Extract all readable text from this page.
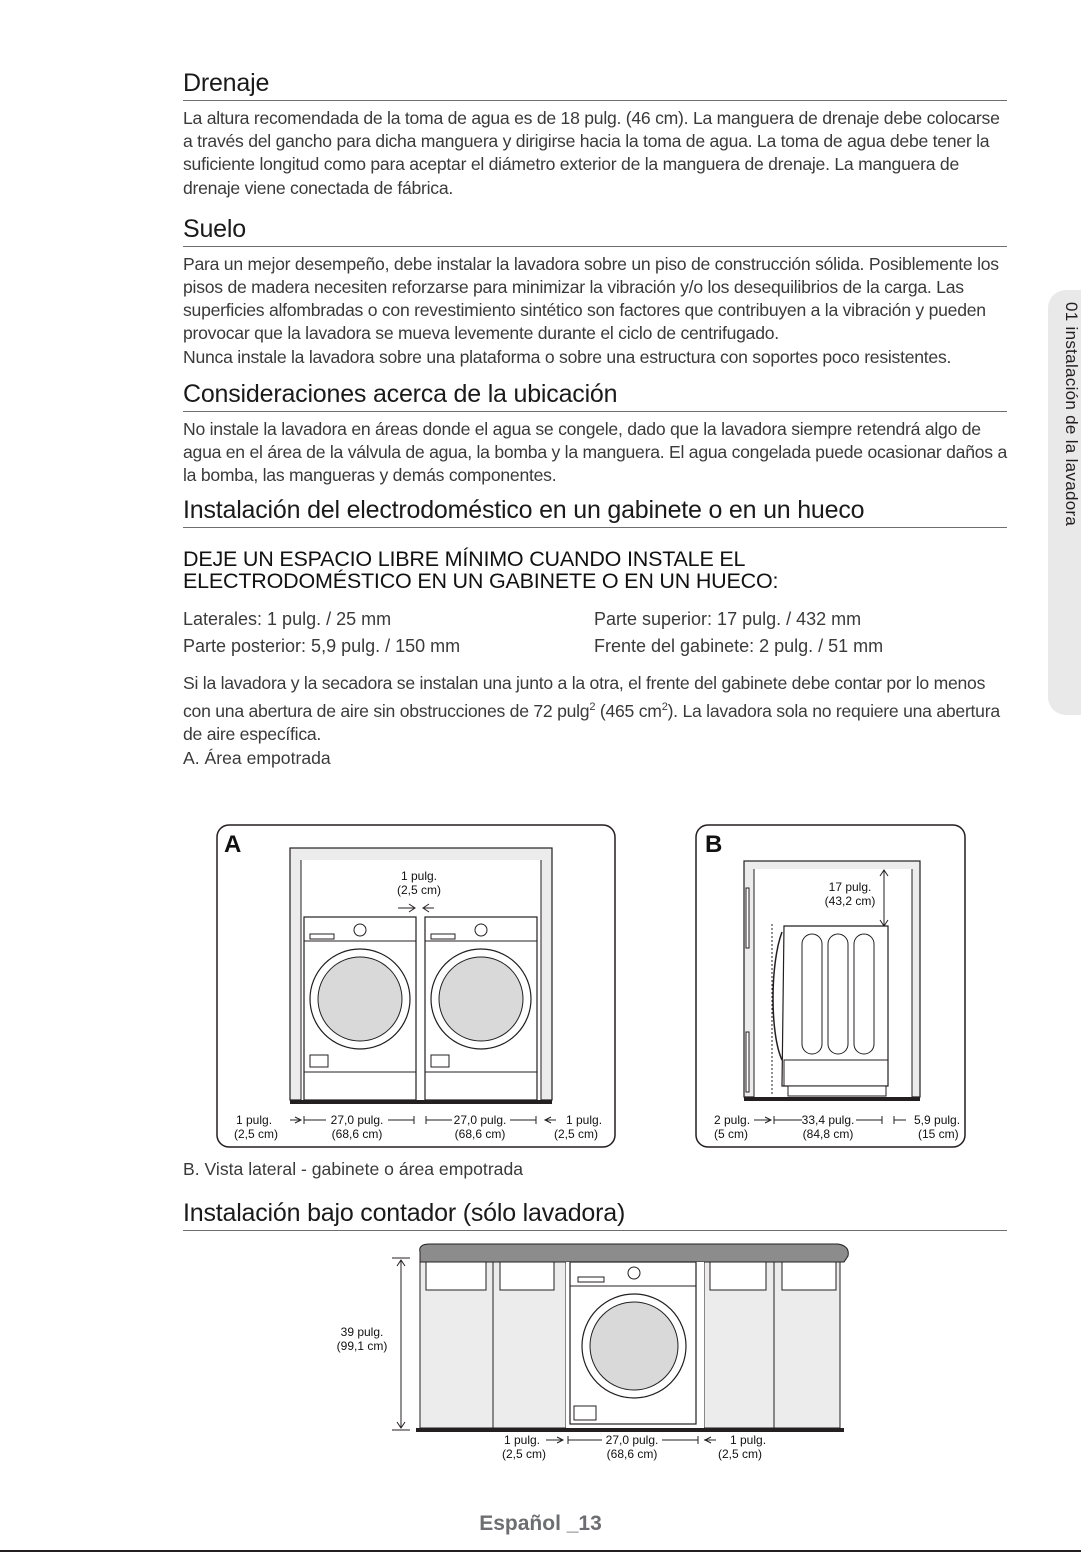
01 instalación de la lavadora
Drenaje

La altura recomendada de la toma de agua es de 18 pulg. (46 cm). La manguera de drenaje debe colocarse a través del gancho para dicha manguera y dirigirse hacia la toma de agua. La toma de agua debe tener la suficiente longitud como para aceptar el diámetro exterior de la manguera de drenaje. La manguera de drenaje viene conectada de fábrica.

Suelo

Para un mejor desempeño, debe instalar la lavadora sobre un piso de construcción sólida. Posiblemente los pisos de madera necesiten reforzarse para minimizar la vibración y/o los desequilibrios de la carga. Las superficies alfombradas o con revestimiento sintético son factores que contribuyen a la vibración y pueden provocar que la lavadora se mueva levemente durante el ciclo de centrifugado.

Nunca instale la lavadora sobre una plataforma o sobre una estructura con soportes poco resistentes.

Consideraciones acerca de la ubicación

No instale la lavadora en áreas donde el agua se congele, dado que la lavadora siempre retendrá algo de agua en el área de la válvula de agua, la bomba y la manguera. El agua congelada puede ocasionar daños a la bomba, las mangueras y demás componentes.

Instalación del electrodoméstico en un gabinete o en un hueco
DEJE UN ESPACIO LIBRE MÍNIMO CUANDO INSTALE EL
ELECTRODOMÉSTICO EN UN GABINETE O EN UN HUECO:
Laterales: 1 pulg. / 25 mm
Parte posterior: 5,9 pulg. / 150 mm
Parte superior: 17 pulg. / 432 mm
Frente del gabinete: 2 pulg. / 51 mm

Si la lavadora y la secadora se instalan una junto a la otra, el frente del gabinete debe contar por lo menos con una abertura de aire sin obstrucciones de 72 pulg$^2$ (465 $cm^2$). La lavadora sola no requiere una abertura de aire específica.

A. Área empotrada
A
1 pulg.
(2,5 cm)
1 pulg.
(2,5 cm)
27,0 pulg.
(68,6 cm)
27,0 pulg.
(68,6 cm)
1 pulg.
(2,5 cm)
B
17 pulg.
(43,2 cm)
2 pulg.
(5 cm)
33,4 pulg.
(84,8 cm)
5,9 pulg.
(15 cm)
B. Vista lateral - gabinete o área empotrada
Instalación bajo contador (sólo lavadora)
39 pulg.
(99,1 cm)
1 pulg.
(2,5 cm)
27,0 pulg.
(68,6 cm)
1 pulg.
(2,5 cm)
Español _13
